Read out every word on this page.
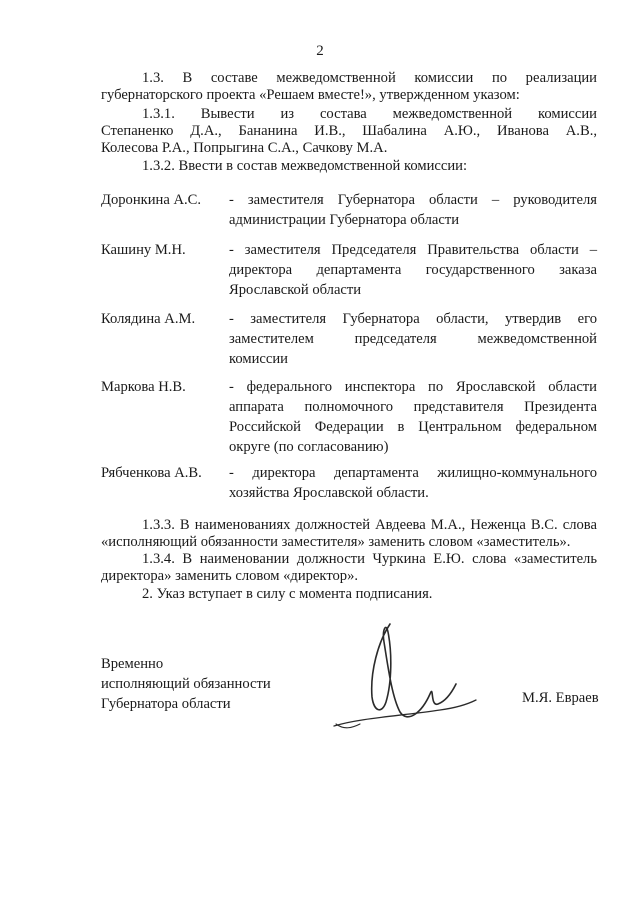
2
1.3. В составе межведомственной комиссии по реализации
губернаторского проекта «Решаем вместе!», утвержденном указом:
1.3.1. Вывести из состава межведомственной комиссии
Степаненко Д.А., Бананина И.В., Шабалина А.Ю., Иванова А.В.,
Колесова Р.А., Попрыгина С.А., Сачкову М.А.
1.3.2. Ввести в состав межведомственной комиссии:
Доронкина А.С.	- заместителя Губернатора области – руководителя
администрации Губернатора области
Кашину М.Н.	- заместителя Председателя Правительства области –
директора департамента государственного заказа
Ярославской области
Колядина А.М.	- заместителя Губернатора области, утвердив его
заместителем председателя межведомственной
комиссии
Маркова Н.В.	- федерального инспектора по Ярославской области
аппарата полномочного представителя Президента
Российской Федерации в Центральном федеральном
округе (по согласованию)
Рябченкова А.В.	- директора департамента жилищно-коммунального
хозяйства Ярославской области.
1.3.3. В наименованиях должностей Авдеева М.А., Неженца В.С. слова
«исполняющий обязанности заместителя» заменить словом «заместитель».
1.3.4. В наименовании должности Чуркина Е.Ю. слова «заместитель
директора» заменить словом «директор».
2. Указ вступает в силу с момента подписания.
Временно
исполняющий обязанности
Губернатора области	М.Я. Евраев
